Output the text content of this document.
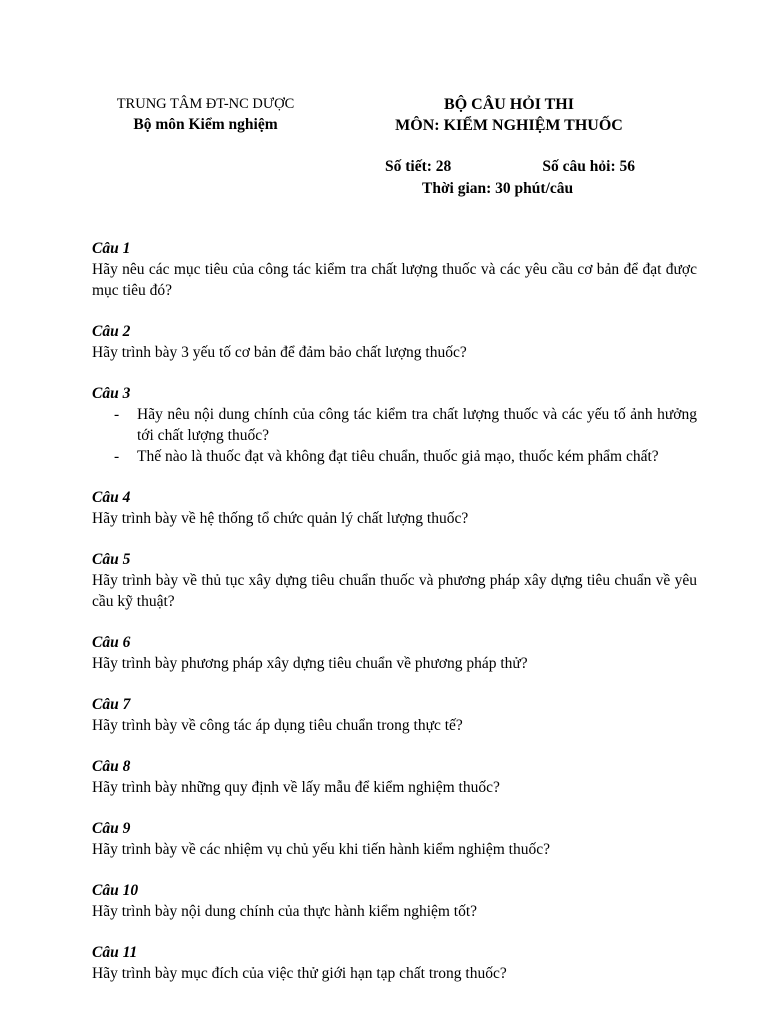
TRUNG TÂM ĐT-NC DƯỢC
Bộ môn Kiểm nghiệm
BỘ CÂU HỎI THI
MÔN: KIỂM NGHIỆM THUỐC
Số tiết: 28	Số câu hỏi: 56
Thời gian: 30 phút/câu
Câu 1
Hãy nêu các mục tiêu của công tác kiểm tra chất lượng thuốc và các yêu cầu cơ bản để đạt được mục tiêu đó?
Câu 2
Hãy trình bày 3 yếu tố cơ bản để đảm bảo chất lượng thuốc?
Câu 3
- Hãy nêu nội dung chính của công tác kiểm tra chất lượng thuốc và các yếu tố ảnh hưởng tới chất lượng thuốc?
- Thế nào là thuốc đạt và không đạt tiêu chuẩn, thuốc giả mạo, thuốc kém phẩm chất?
Câu 4
Hãy trình bày về hệ thống tổ chức quản lý chất lượng thuốc?
Câu 5
Hãy trình bày về thủ tục xây dựng tiêu chuẩn thuốc và phương pháp xây dựng tiêu chuẩn về yêu cầu kỹ thuật?
Câu 6
Hãy trình bày phương pháp xây dựng tiêu chuẩn về phương pháp thử?
Câu 7
Hãy trình bày về công tác áp dụng tiêu chuẩn trong thực tế?
Câu 8
Hãy trình bày những quy định về lấy mẫu để kiểm nghiệm thuốc?
Câu 9
Hãy trình bày về các nhiệm vụ chủ yếu khi tiến hành kiểm nghiệm thuốc?
Câu 10
Hãy trình bày nội dung chính của thực hành kiểm nghiệm tốt?
Câu 11
Hãy trình bày mục đích của việc thử giới hạn tạp chất trong thuốc?
